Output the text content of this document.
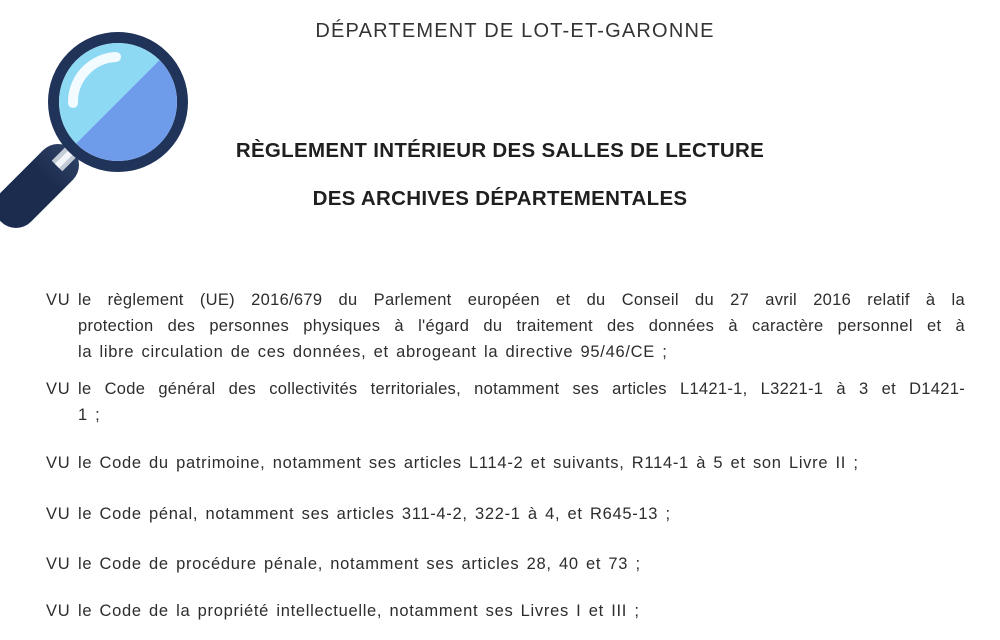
DÉPARTEMENT DE LOT-ET-GARONNE
RÈGLEMENT INTÉRIEUR DES SALLES DE LECTURE
DES ARCHIVES DÉPARTEMENTALES
VU le règlement (UE) 2016/679 du Parlement européen et du Conseil du 27 avril 2016 relatif à la
protection des personnes physiques à l'égard du traitement des données à caractère personnel et à
la libre circulation de ces données, et abrogeant la directive 95/46/CE ;
VU le Code général des collectivités territoriales, notamment ses articles L1421-1, L3221-1 à 3 et D1421-
1 ;
VU le Code du patrimoine, notamment ses articles L114-2 et suivants, R114-1 à 5 et son Livre II ;
VU le Code pénal, notamment ses articles 311-4-2, 322-1 à 4, et R645-13 ;
VU le Code de procédure pénale, notamment ses articles 28, 40 et 73 ;
VU le Code de la propriété intellectuelle, notamment ses Livres I et III ;
